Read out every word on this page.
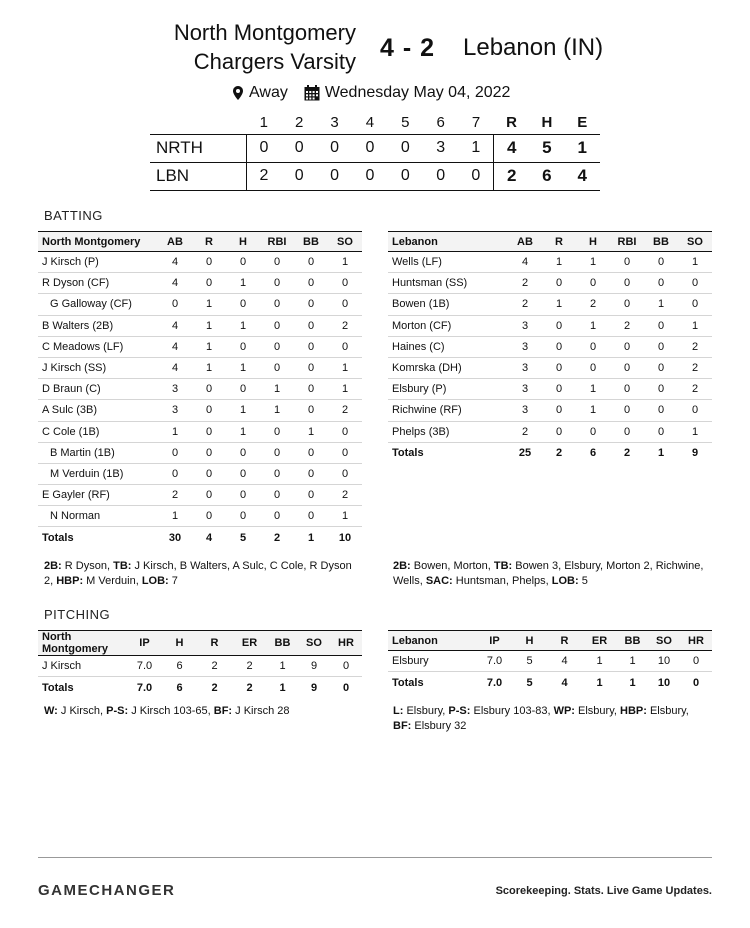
North Montgomery
Chargers Varsity 4 - 2 Lebanon (IN)
Away Wednesday May 04, 2022
	1	2	3	4	5	6	7	R	H	E
NRTH	0	0	0	0	0	3	1	4	5	1
LBN	2	0	0	0	0	0	0	2	6	4
BATTING
North Montgomery	AB	R	H	RBI	BB	SO
J Kirsch (P)	4	0	0	0	0	1
R Dyson (CF)	4	0	1	0	0	0
G Galloway (CF)	0	1	0	0	0	0
B Walters (2B)	4	1	1	0	0	2
C Meadows (LF)	4	1	0	0	0	0
J Kirsch (SS)	4	1	1	0	0	1
D Braun (C)	3	0	0	1	0	1
A Sulc (3B)	3	0	1	1	0	2
C Cole (1B)	1	0	1	0	1	0
B Martin (1B)	0	0	0	0	0	0
M Verduin (1B)	0	0	0	0	0	0
E Gayler (RF)	2	0	0	0	0	2
N Norman	1	0	0	0	0	1
Totals	30	4	5	2	1	10
Lebanon	AB	R	H	RBI	BB	SO
Wells (LF)	4	1	1	0	0	1
Huntsman (SS)	2	0	0	0	0	0
Bowen (1B)	2	1	2	0	1	0
Morton (CF)	3	0	1	2	0	1
Haines (C)	3	0	0	0	0	2
Komrska (DH)	3	0	0	0	0	2
Elsbury (P)	3	0	1	0	0	2
Richwine (RF)	3	0	1	0	0	0
Phelps (3B)	2	0	0	0	0	1
Totals	25	2	6	2	1	9
2B: R Dyson, TB: J Kirsch, B Walters, A Sulc, C Cole, R Dyson 2, HBP: M Verduin, LOB: 7
2B: Bowen, Morton, TB: Bowen 3, Elsbury, Morton 2, Richwine, Wells, SAC: Huntsman, Phelps, LOB: 5
PITCHING
North Montgomery	IP	H	R	ER	BB	SO	HR
J Kirsch	7.0	6	2	2	1	9	0
Totals	7.0	6	2	2	1	9	0
Lebanon	IP	H	R	ER	BB	SO	HR
Elsbury	7.0	5	4	1	1	10	0
Totals	7.0	5	4	1	1	10	0
W: J Kirsch, P-S: J Kirsch 103-65, BF: J Kirsch 28	L: Elsbury, P-S: Elsbury 103-83, WP: Elsbury, HBP: Elsbury, BF: Elsbury 32
GAMECHANGER	Scorekeeping. Stats. Live Game Updates.
